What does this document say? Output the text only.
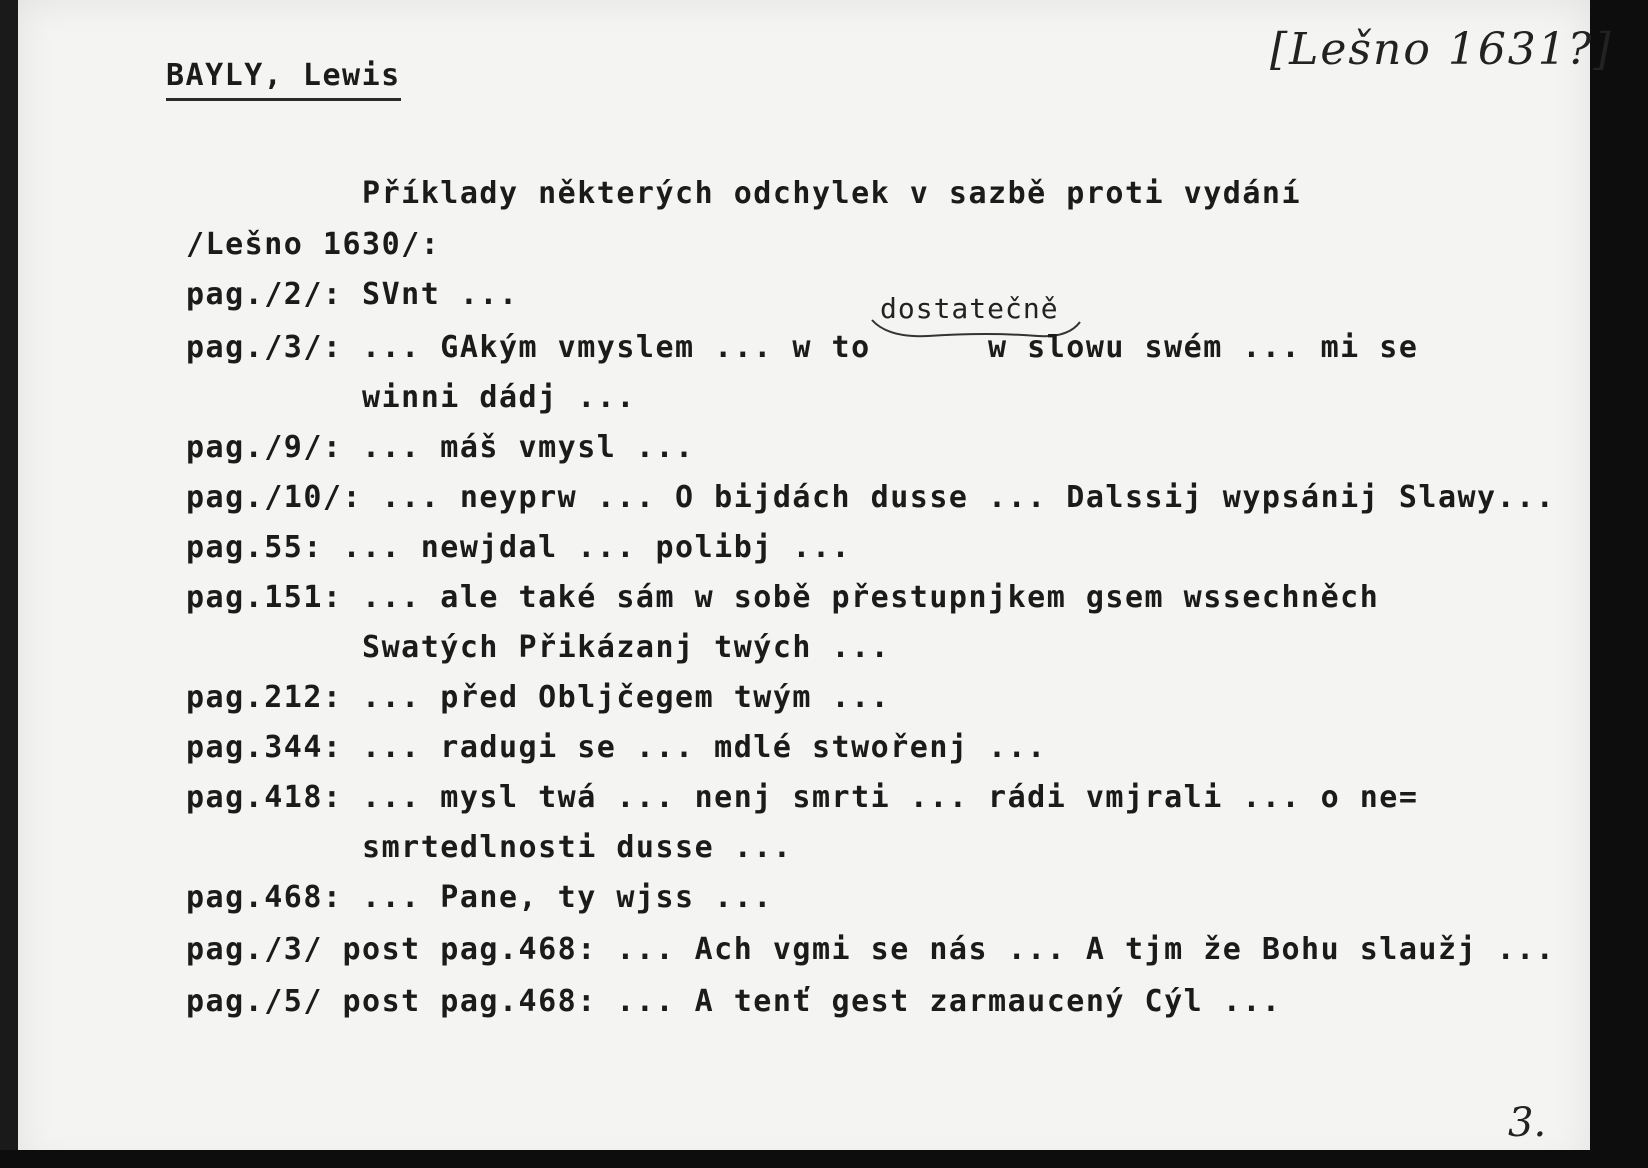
BAYLY, Lewis
[Lešno 1631?]
dostatečně
Příklady některých odchylek v sazbě proti vydání
/Lešno 1630/:
pag./2/: SVnt ...
pag./3/: ... GAkým vmyslem ... w to      w slowu swém ... mi se
winni dádj ...
pag./9/: ... máš vmysl ...
pag./10/: ... neyprw ... O bijdách dusse ... Dalssij wypsánij Slawy...
pag.55: ... newjdal ... polibj ...
pag.151: ... ale také sám w sobě přestupnjkem gsem wssechněch
Swatých Přikázanj twých ...
pag.212: ... před Obljčegem twým ...
pag.344: ... radugi se ... mdlé stwořenj ...
pag.418: ... mysl twá ... nenj smrti ... rádi vmjrali ... o ne=
smrtedlnosti dusse ...
pag.468: ... Pane, ty wjss ...
pag./3/ post pag.468: ... Ach vgmi se nás ... A tjm že Bohu slaužj ...
pag./5/ post pag.468: ... A tenť gest zarmaucený Cýl ...
3.
